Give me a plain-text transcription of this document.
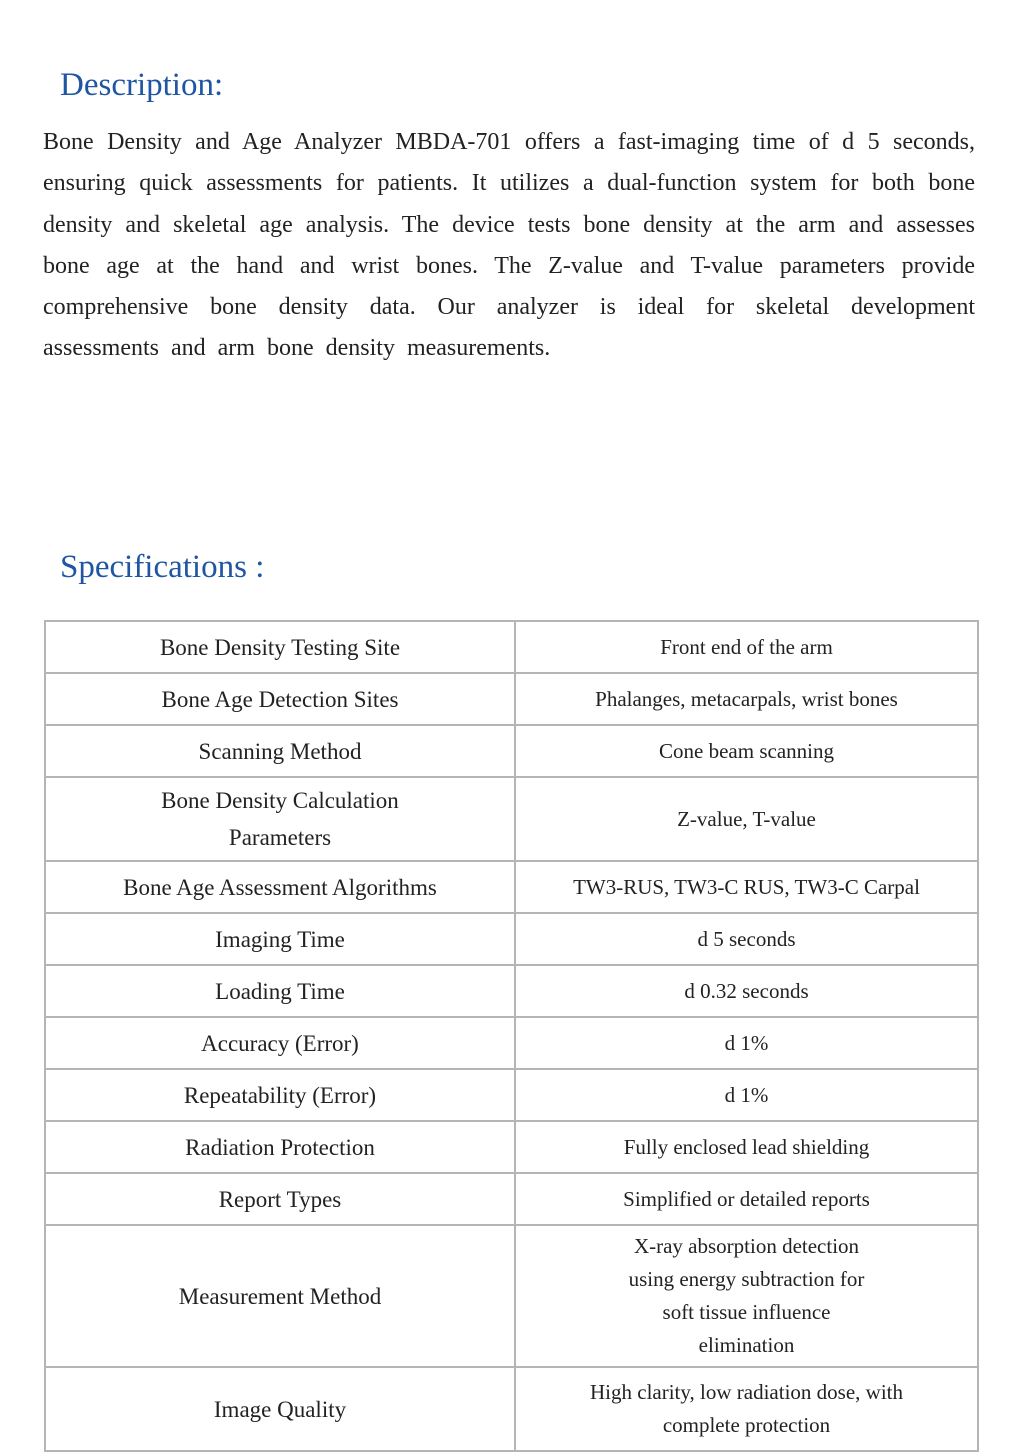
Description:

Bone Density and Age Analyzer MBDA-701 offers a fast-imaging time of d 5 seconds, ensuring quick assessments for patients. It utilizes a dual-function system for both bone density and skeletal age analysis. The device tests bone density at the arm and assesses bone age at the hand and wrist bones. The Z-value and T-value parameters provide comprehensive bone density data. Our analyzer is ideal for skeletal development assessments and arm bone density measurements.

Specifications :
Bone Density Testing Site	Front end of the arm
Bone Age Detection Sites	Phalanges, metacarpals, wrist bones
Scanning Method	Cone beam scanning
Bone Density Calculation Parameters	Z-value, T-value
Bone Age Assessment Algorithms	TW3-RUS, TW3-C RUS, TW3-C Carpal
Imaging Time	d 5 seconds
Loading Time	d 0.32 seconds
Accuracy (Error)	d 1%
Repeatability (Error)	d 1%
Radiation Protection	Fully enclosed lead shielding
Report Types	Simplified or detailed reports
Measurement Method	X-ray absorption detection using energy subtraction for soft tissue influence elimination
Image Quality	High clarity, low radiation dose, with complete protection
